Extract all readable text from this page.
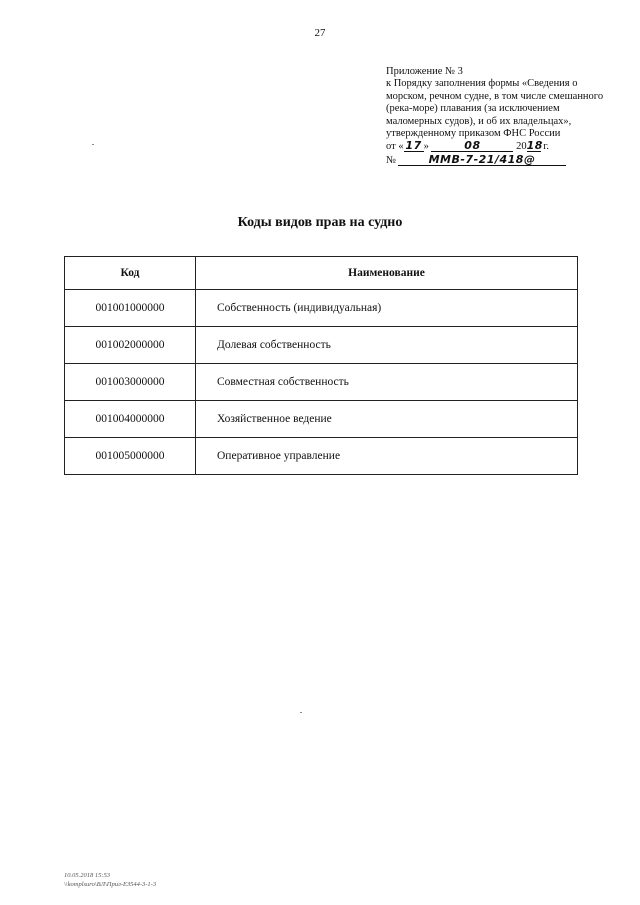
27
Приложение № 3
к Порядку заполнения формы «Сведения о
морском, речном судне, в том числе смешанного
(река-море) плавания (за исключением
маломерных судов), и об их владельцах»,
утвержденному приказом ФНС России
от « 17 »	08	2018 г.
№	ММВ-7-21/418@
Коды видов прав на судно
Код	Наименование
001001000000	Собственность (индивидуальная)
001002000000	Долевая собственность
001003000000	Совместная собственность
001004000000	Хозяйственное ведение
001005000000	Оперативное управление
10.05.2018 15:53
\\komplsuro\ВЛ\Прил-ЕЗ544-3-1-3
